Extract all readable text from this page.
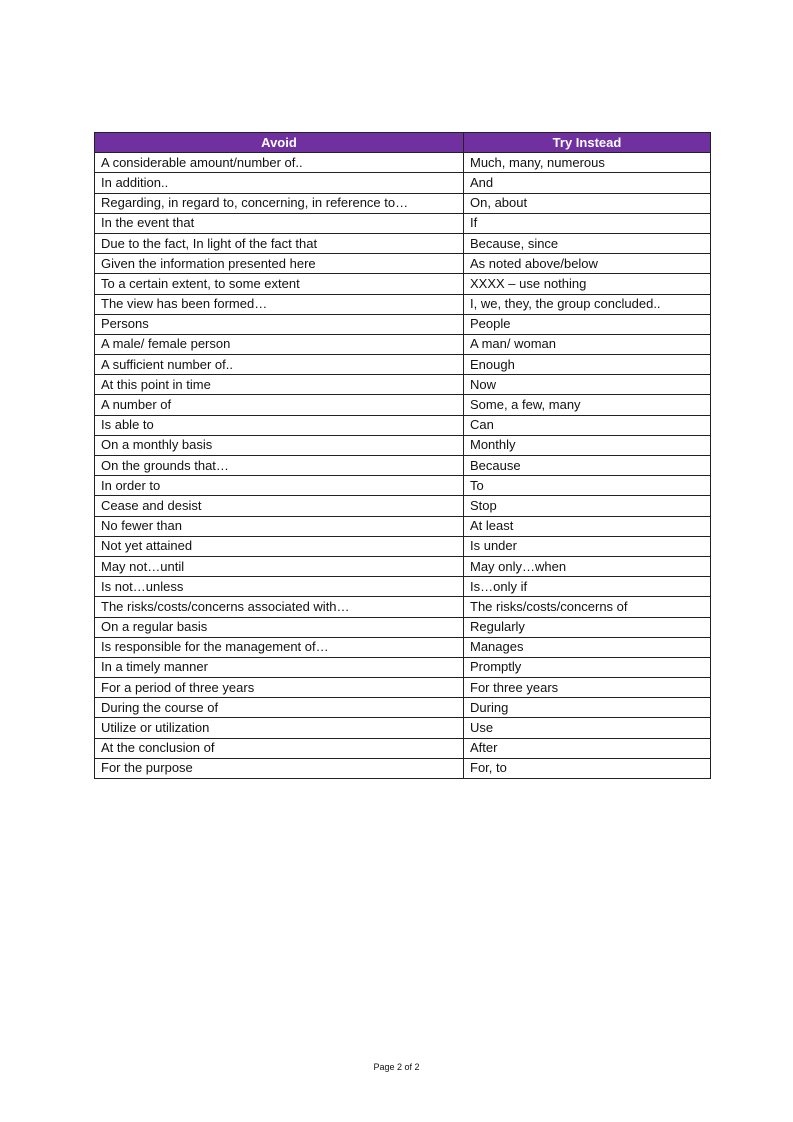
Avoid	Try Instead
A considerable amount/number of..	Much, many, numerous
In addition..	And
Regarding, in regard to, concerning, in reference to…	On, about
In the event that	If
Due to the fact, In light of the fact that	Because, since
Given the information presented here	As noted above/below
To a certain extent, to some extent	XXXX – use nothing
The view has been formed…	I, we, they, the group concluded..
Persons	People
A male/ female person	A man/ woman
A sufficient number of..	Enough
At this point in time	Now
A number of	Some, a few, many
Is able to	Can
On a monthly basis	Monthly
On the grounds that…	Because
In order to	To
Cease and desist	Stop
No fewer than	At least
Not yet attained	Is under
May not…until	May only…when
Is not…unless	Is…only if
The risks/costs/concerns associated with…	The risks/costs/concerns of
On a regular basis	Regularly
Is responsible for the management of…	Manages
In a timely manner	Promptly
For a period of three years	For three years
During the course of	During
Utilize or utilization	Use
At the conclusion of	After
For the purpose	For, to
Page 2 of 2
